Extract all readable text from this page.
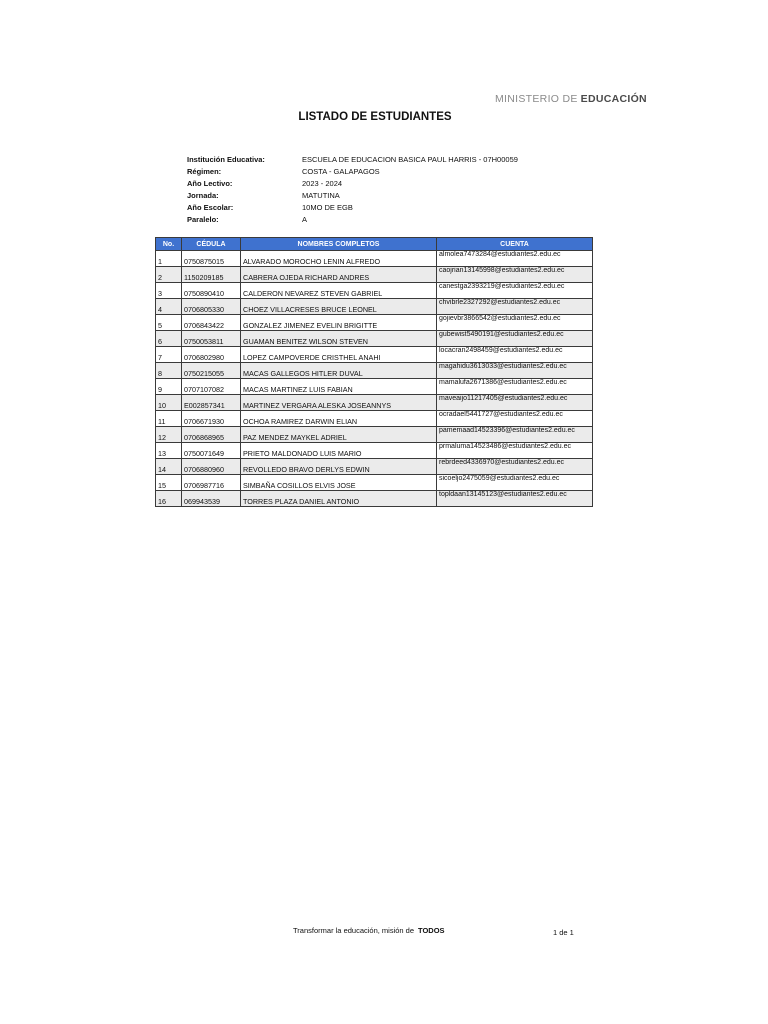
MINISTERIO DE EDUCACIÓN
LISTADO DE ESTUDIANTES
Institución Educativa:	ESCUELA DE EDUCACION BASICA PAUL HARRIS - 07H00059
Régimen:	COSTA - GALAPAGOS
Año Lectivo:	2023 - 2024
Jornada:	MATUTINA
Año Escolar:	10MO DE EGB
Paralelo:	A
No.	CÉDULA	NOMBRES COMPLETOS	CUENTA
1	0750875015	ALVARADO MOROCHO LENIN ALFREDO	almolea7473284@estudiantes2.edu.ec
2	1150209185	CABRERA OJEDA RICHARD ANDRES	caojrian13145998@estudiantes2.edu.ec
3	0750890410	CALDERON NEVAREZ STEVEN GABRIEL	canestga2393219@estudiantes2.edu.ec
4	0706805330	CHOEZ VILLACRESES BRUCE LEONEL	chvibrle2327292@estudiantes2.edu.ec
5	0706843422	GONZALEZ JIMENEZ EVELIN BRIGITTE	gojievbr3866542@estudiantes2.edu.ec
6	0750053811	GUAMAN BENITEZ WILSON STEVEN	gubewist5490191@estudiantes2.edu.ec
7	0706802980	LOPEZ CAMPOVERDE CRISTHEL ANAHI	locacran2498459@estudiantes2.edu.ec
8	0750215055	MACAS GALLEGOS HITLER DUVAL	magahidu3613033@estudiantes2.edu.ec
9	0707107082	MACAS MARTINEZ LUIS FABIAN	mamalufa2671386@estudiantes2.edu.ec
10	E002857341	MARTINEZ VERGARA ALESKA JOSEANNYS	maveaijo11217405@estudiantes2.edu.ec
11	0706671930	OCHOA RAMIREZ DARWIN ELIAN	ocradael5441727@estudiantes2.edu.ec
12	0706868965	PAZ MENDEZ MAYKEL ADRIEL	pamemaad14523396@estudiantes2.edu.ec
13	0750071649	PRIETO MALDONADO LUIS MARIO	prmaluma14523486@estudiantes2.edu.ec
14	0706880960	REVOLLEDO BRAVO DERLYS EDWIN	rebrdeed4336970@estudiantes2.edu.ec
15	0706987716	SIMBAÑA COSILLOS ELVIS JOSE	sicoeljo2475059@estudiantes2.edu.ec
16	069943539	TORRES PLAZA DANIEL ANTONIO	topldaan13145123@estudiantes2.edu.ec
Transformar la educación, misión de TODOS	1 de 1
